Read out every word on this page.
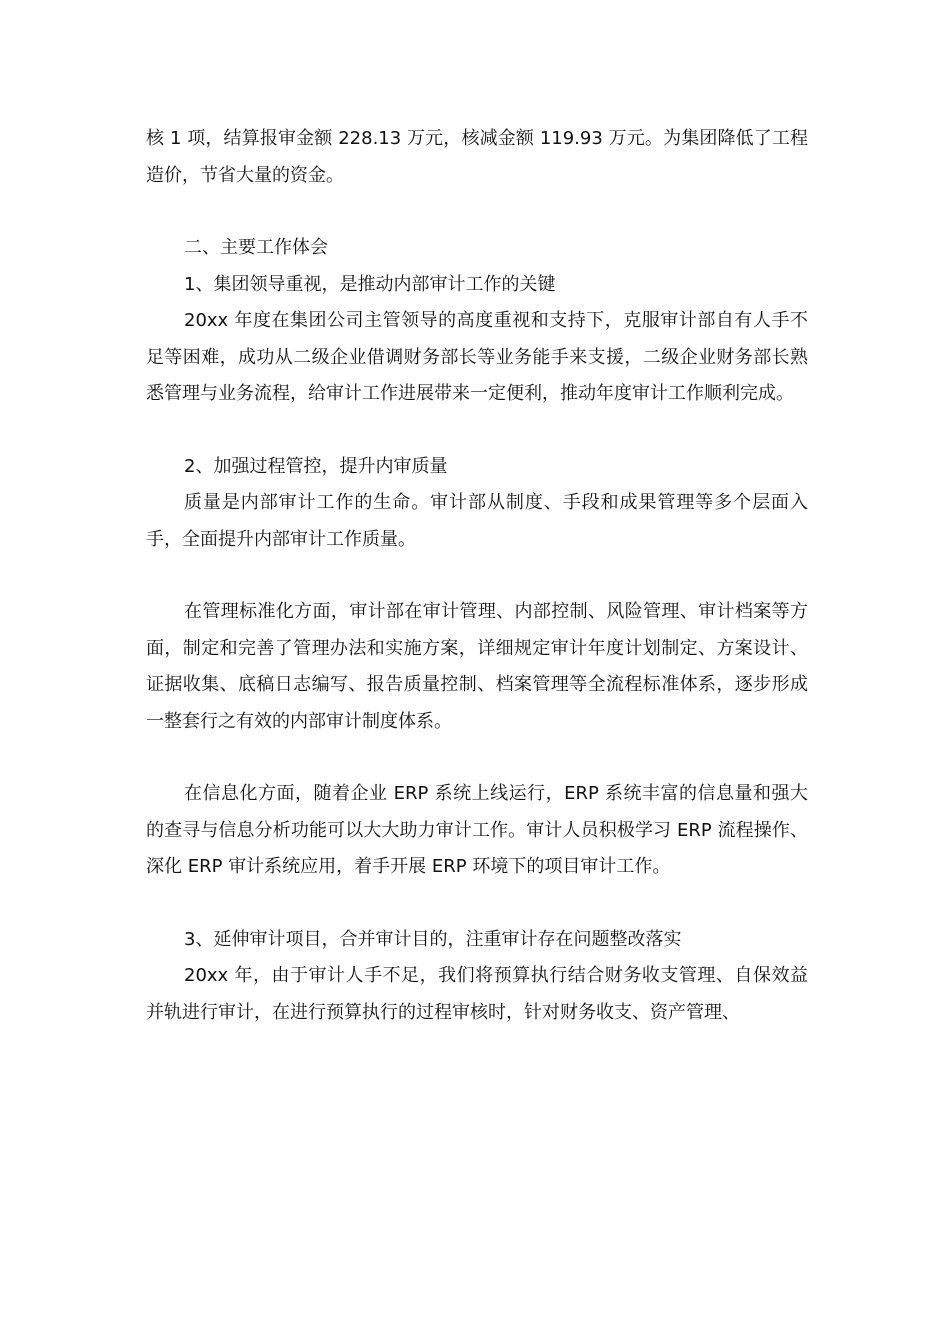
核 1 项，结算报审金额 228.13 万元，核减金额 119.93 万元。为集团降低了工程造价，节省大量的资金。

二、主要工作体会

1、集团领导重视，是推动内部审计工作的关键

20xx 年度在集团公司主管领导的高度重视和支持下，克服审计部自有人手不足等困难，成功从二级企业借调财务部长等业务能手来支援，二级企业财务部长熟悉管理与业务流程，给审计工作进展带来一定便利，推动年度审计工作顺利完成。

2、加强过程管控，提升内审质量

质量是内部审计工作的生命。审计部从制度、手段和成果管理等多个层面入手，全面提升内部审计工作质量。

在管理标准化方面，审计部在审计管理、内部控制、风险管理、审计档案等方面，制定和完善了管理办法和实施方案，详细规定审计年度计划制定、方案设计、证据收集、底稿日志编写、报告质量控制、档案管理等全流程标准体系，逐步形成一整套行之有效的内部审计制度体系。

在信息化方面，随着企业 ERP 系统上线运行，ERP 系统丰富的信息量和强大的查寻与信息分析功能可以大大助力审计工作。审计人员积极学习 ERP 流程操作、深化 ERP 审计系统应用，着手开展 ERP 环境下的项目审计工作。

3、延伸审计项目，合并审计目的，注重审计存在问题整改落实

20xx 年，由于审计人手不足，我们将预算执行结合财务收支管理、自保效益并轨进行审计，在进行预算执行的过程审核时，针对财务收支、资产管理、
